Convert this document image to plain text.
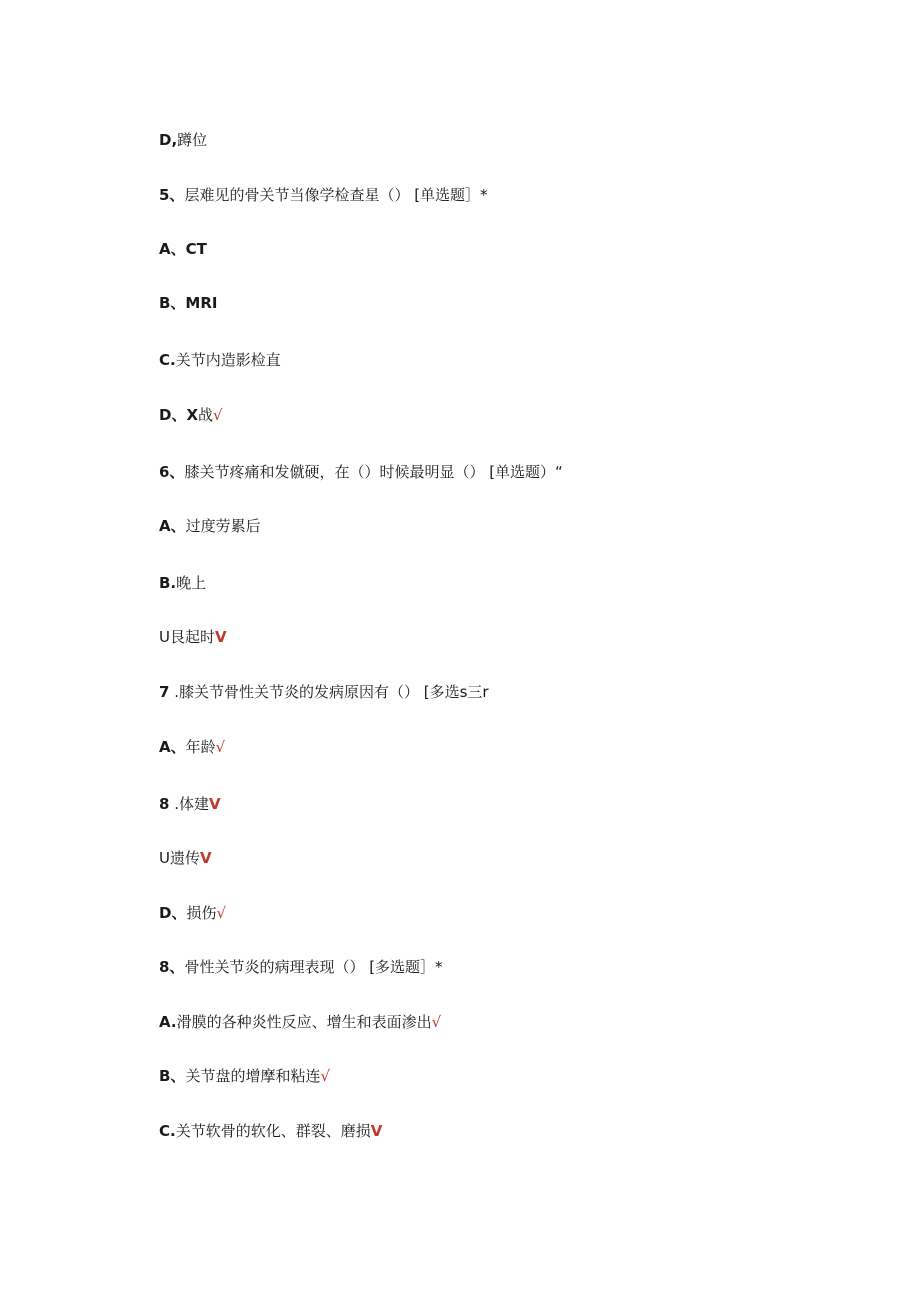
D,蹲位
5、层难见的骨关节当像学检查星（） [单选题］*
A、CT
B、MRI
C.关节内造影检直
D、X战√
6、膝关节疼痛和发僦硬，在（）时候最明显（） [单选题）“
A、过度劳累后
B.晚上
U艮起时V
7 .膝关节骨性关节炎的发病原因有（） [多选s三r
A、年龄√
8 .体建V
U遗传V
D、损伤√
8、骨性关节炎的病理表现（） [多选题］*
A.滑膜的各种炎性反应、增生和表面渗出√
B、关节盘的增摩和粘连√
C.关节软骨的软化、群裂、磨损V
